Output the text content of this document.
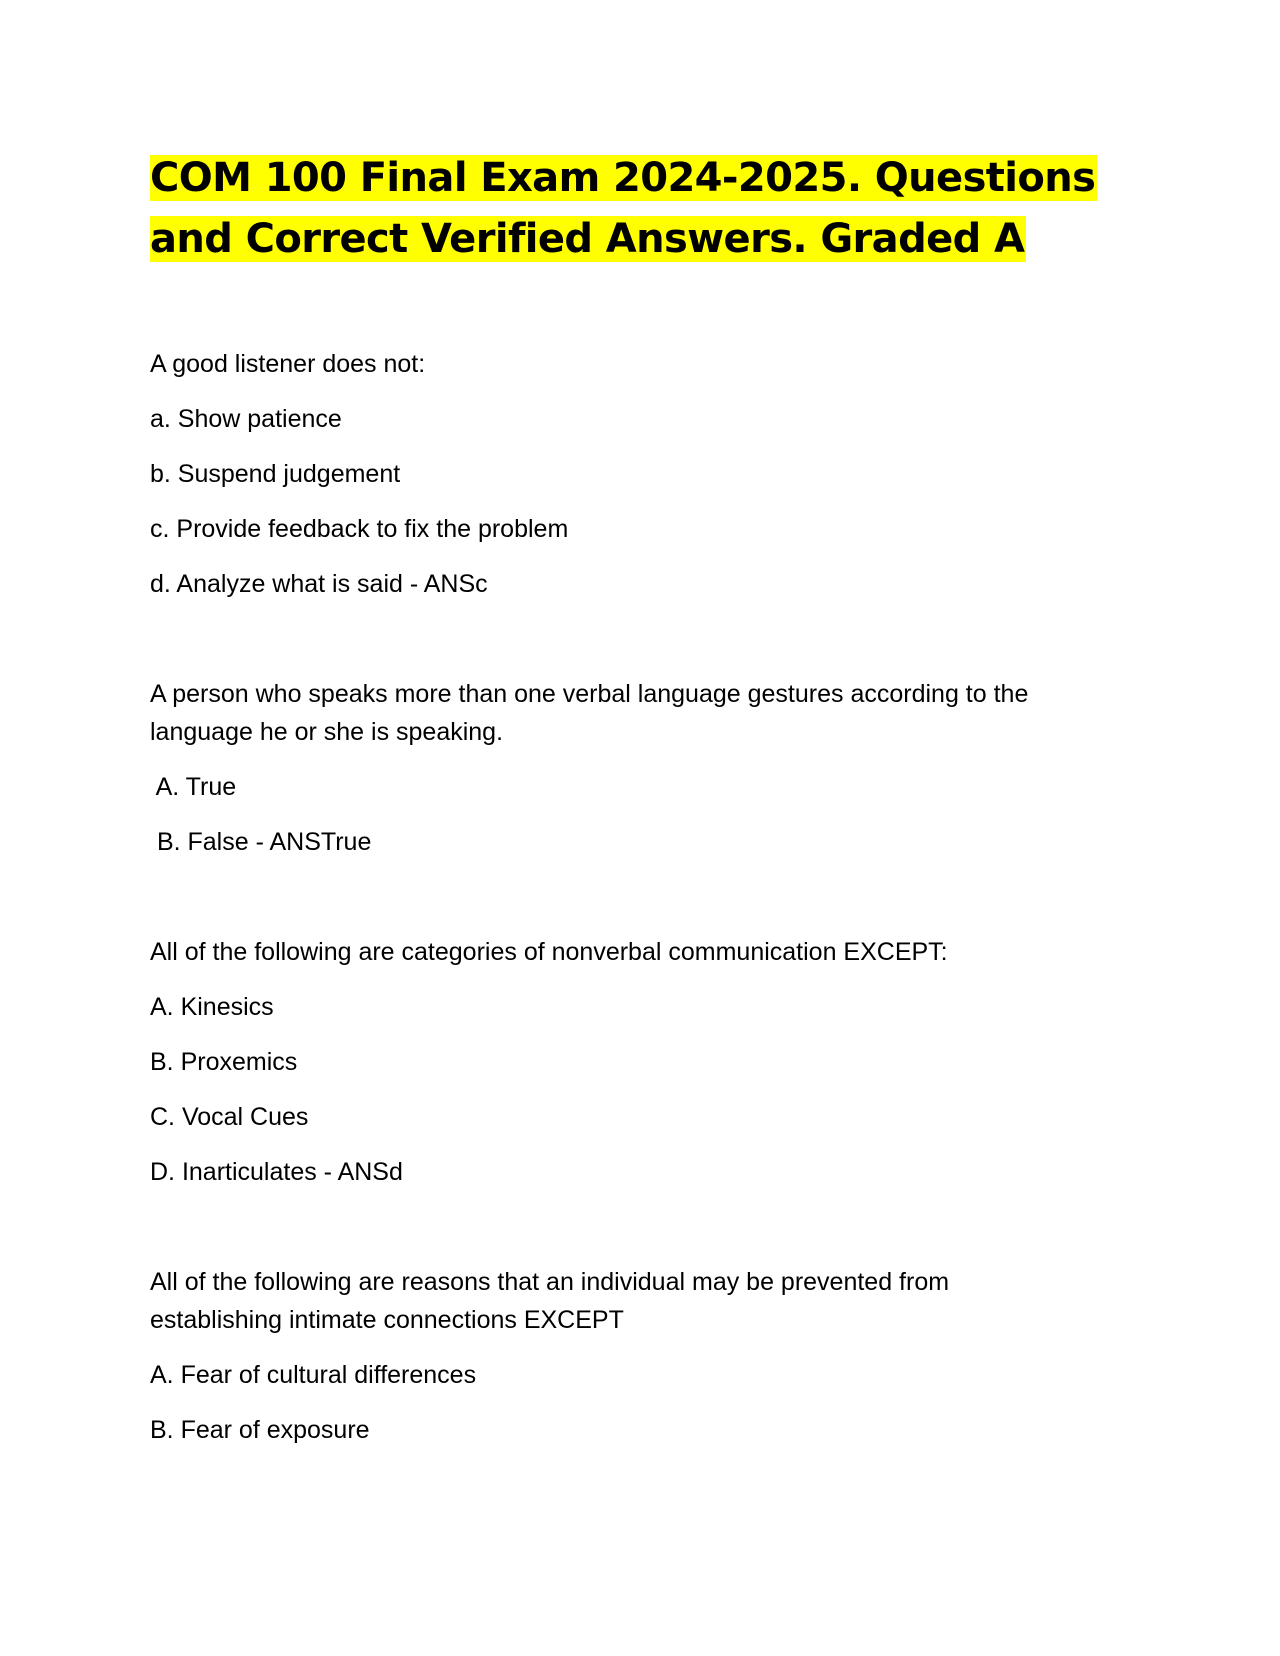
COM 100 Final Exam 2024-2025. Questions
and Correct Verified Answers. Graded A
A good listener does not:
a. Show patience
b. Suspend judgement
c. Provide feedback to fix the problem
d. Analyze what is said - ANSc
A person who speaks more than one verbal language gestures according to the
language he or she is speaking.
A. True
B. False - ANSTrue
All of the following are categories of nonverbal communication EXCEPT:
A. Kinesics
B. Proxemics
C. Vocal Cues
D. Inarticulates - ANSd
All of the following are reasons that an individual may be prevented from
establishing intimate connections EXCEPT
A. Fear of cultural differences
B. Fear of exposure
